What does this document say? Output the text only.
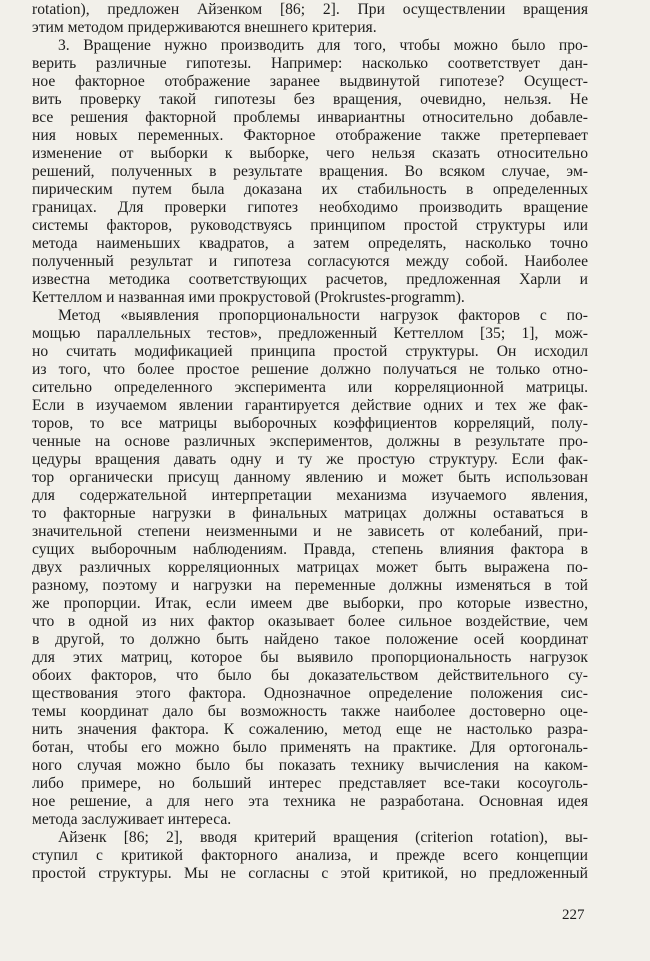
rotation), предложен Айзенком [86; 2]. При осуществлении вращения
этим методом придерживаются внешнего критерия.
3. Вращение нужно производить для того, чтобы можно было про-
верить различные гипотезы. Например: насколько соответствует дан-
ное факторное отображение заранее выдвинутой гипотезе? Осущест-
вить проверку такой гипотезы без вращения, очевидно, нельзя. Не
все решения факторной проблемы инвариантны относительно добавле-
ния новых переменных. Факторное отображение также претерпевает
изменение от выборки к выборке, чего нельзя сказать относительно
решений, полученных в результате вращения. Во всяком случае, эм-
пирическим путем была доказана их стабильность в определенных
границах. Для проверки гипотез необходимо производить вращение
системы факторов, руководствуясь принципом простой структуры или
метода наименьших квадратов, а затем определять, насколько точно
полученный результат и гипотеза согласуются между собой. Наиболее
известна методика соответствующих расчетов, предложенная Харли и
Кеттеллом и названная ими прокрустовой (Prokrustes-programm).
Метод «выявления пропорциональности нагрузок факторов с по-
мощью параллельных тестов», предложенный Кеттеллом [35; 1], мож-
но считать модификацией принципа простой структуры. Он исходил
из того, что более простое решение должно получаться не только отно-
сительно определенного эксперимента или корреляционной матрицы.
Если в изучаемом явлении гарантируется действие одних и тех же фак-
торов, то все матрицы выборочных коэффициентов корреляций, полу-
ченные на основе различных экспериментов, должны в результате про-
цедуры вращения давать одну и ту же простую структуру. Если фак-
тор органически присущ данному явлению и может быть использован
для содержательной интерпретации механизма изучаемого явления,
то факторные нагрузки в финальных матрицах должны оставаться в
значительной степени неизменными и не зависеть от колебаний, при-
сущих выборочным наблюдениям. Правда, степень влияния фактора в
двух различных корреляционных матрицах может быть выражена по-
разному, поэтому и нагрузки на переменные должны изменяться в той
же пропорции. Итак, если имеем две выборки, про которые известно,
что в одной из них фактор оказывает более сильное воздействие, чем
в другой, то должно быть найдено такое положение осей координат
для этих матриц, которое бы выявило пропорциональность нагрузок
обоих факторов, что было бы доказательством действительного су-
ществования этого фактора. Однозначное определение положения сис-
темы координат дало бы возможность также наиболее достоверно оце-
нить значения фактора. К сожалению, метод еще не настолько разра-
ботан, чтобы его можно было применять на практике. Для ортогональ-
ного случая можно было бы показать технику вычисления на каком-
либо примере, но больший интерес представляет все-таки косоуголь-
ное решение, а для него эта техника не разработана. Основная идея
метода заслуживает интереса.
Айзенк [86; 2], вводя критерий вращения (criterion rotation), вы-
ступил с критикой факторного анализа, и прежде всего концепции
простой структуры. Мы не согласны с этой критикой, но предложенный
227
